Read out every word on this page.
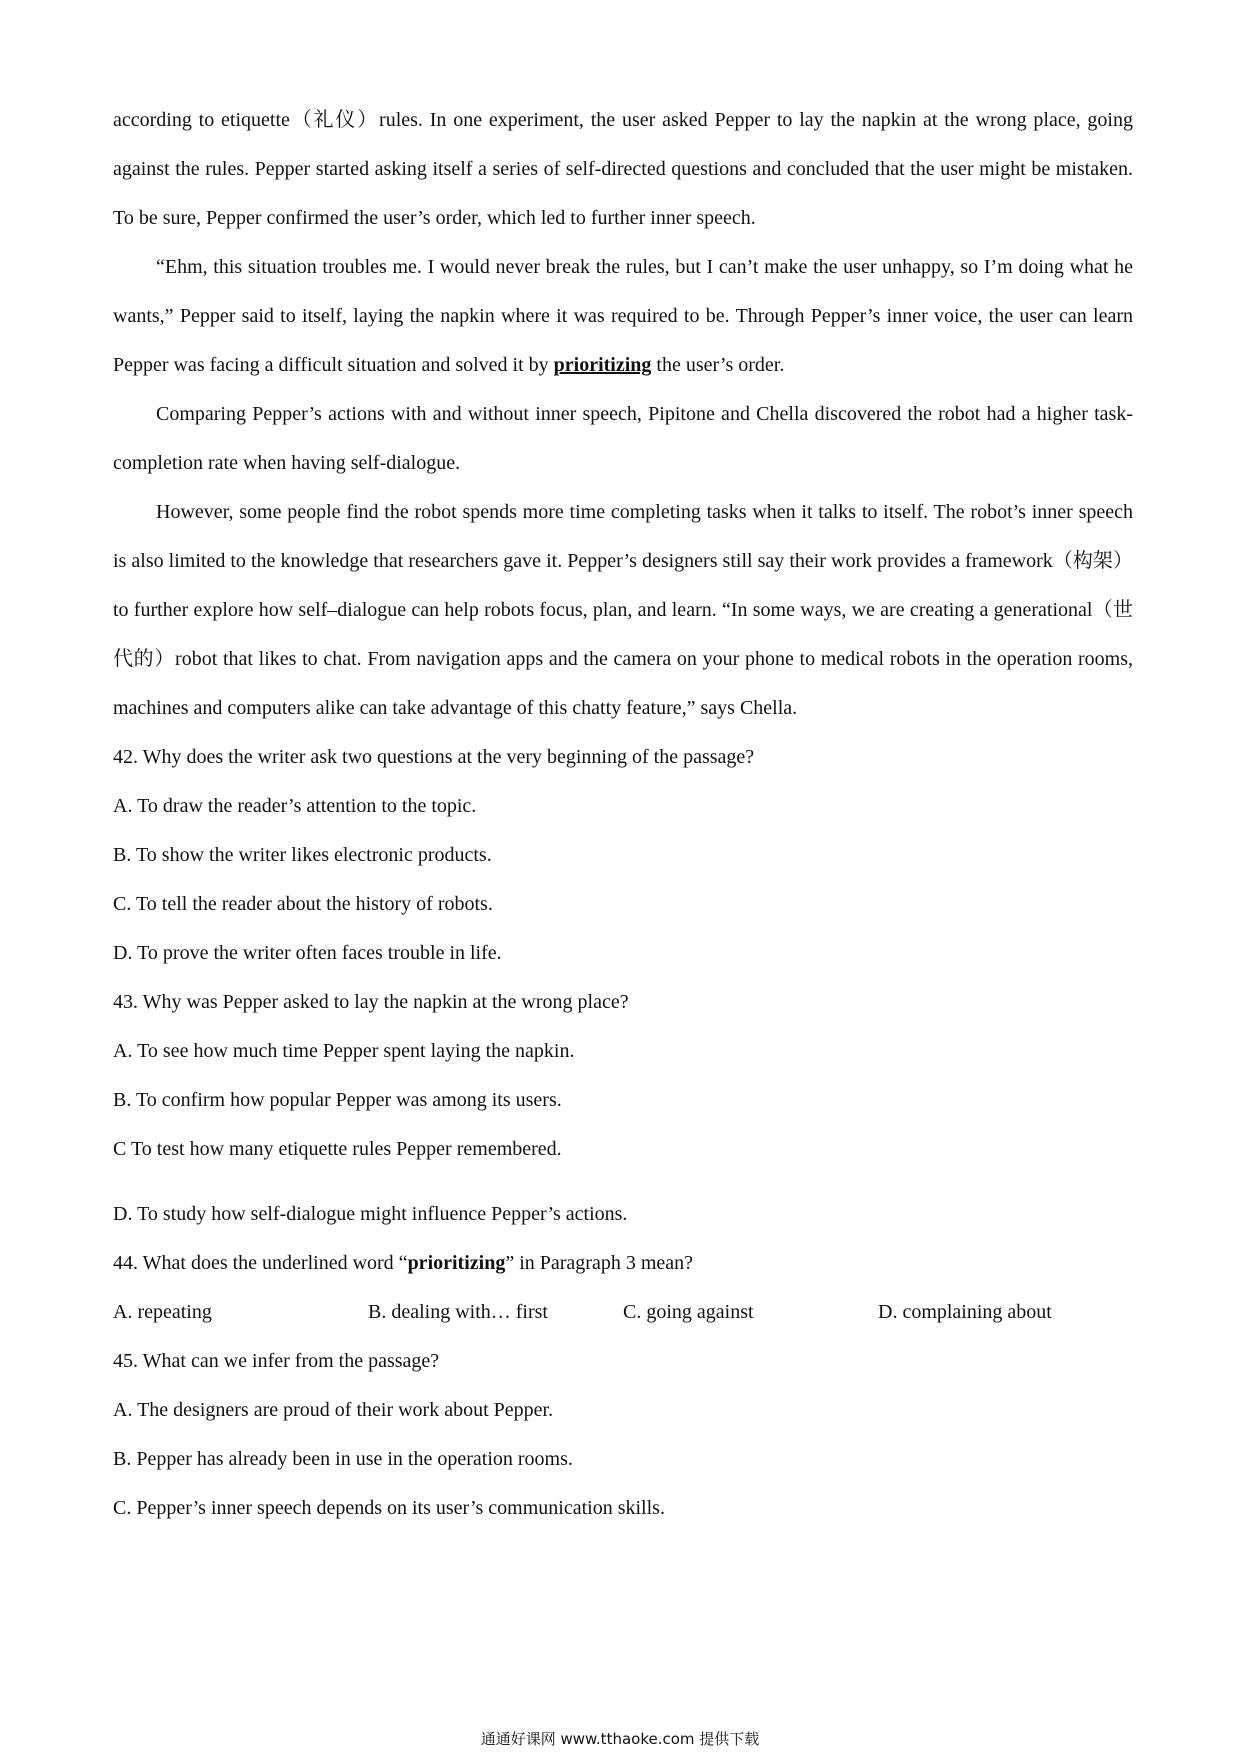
according to etiquette（礼仪）rules. In one experiment, the user asked Pepper to lay the napkin at the wrong place, going against the rules. Pepper started asking itself a series of self-directed questions and concluded that the user might be mistaken. To be sure, Pepper confirmed the user’s order, which led to further inner speech.

“Ehm, this situation troubles me. I would never break the rules, but I can’t make the user unhappy, so I’m doing what he wants,” Pepper said to itself, laying the napkin where it was required to be. Through Pepper’s inner voice, the user can learn Pepper was facing a difficult situation and solved it by prioritizing the user’s order.

Comparing Pepper’s actions with and without inner speech, Pipitone and Chella discovered the robot had a higher task-completion rate when having self-dialogue.

However, some people find the robot spends more time completing tasks when it talks to itself. The robot’s inner speech is also limited to the knowledge that researchers gave it. Pepper’s designers still say their work provides a framework（构架）to further explore how self–dialogue can help robots focus, plan, and learn. “In some ways, we are creating a generational（世代的）robot that likes to chat. From navigation apps and the camera on your phone to medical robots in the operation rooms, machines and computers alike can take advantage of this chatty feature,” says Chella.

42. Why does the writer ask two questions at the very beginning of the passage?

A. To draw the reader’s attention to the topic.

B. To show the writer likes electronic products.

C. To tell the reader about the history of robots.

D. To prove the writer often faces trouble in life.

43. Why was Pepper asked to lay the napkin at the wrong place?

A. To see how much time Pepper spent laying the napkin.

B. To confirm how popular Pepper was among its users.

C To test how many etiquette rules Pepper remembered.

D. To study how self-dialogue might influence Pepper’s actions.

44. What does the underlined word “prioritizing” in Paragraph 3 mean?

A. repeating	B. dealing with… first	C. going against	D. complaining about

45. What can we infer from the passage?

A. The designers are proud of their work about Pepper.

B. Pepper has already been in use in the operation rooms.

C. Pepper’s inner speech depends on its user’s communication skills.

通通好课网 www.tthaoke.com 提供下载
